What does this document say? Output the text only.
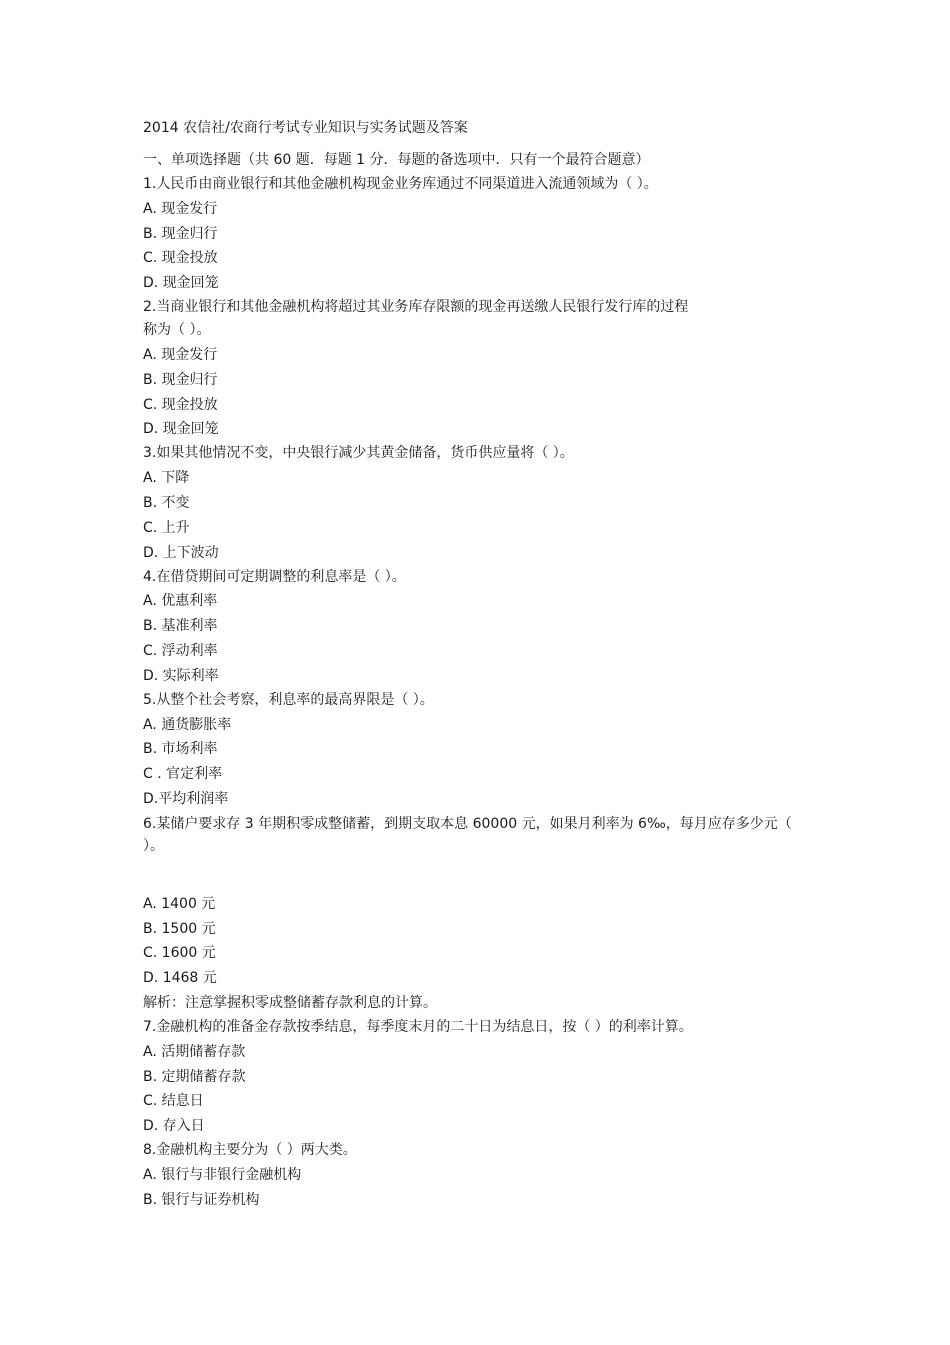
2014 农信社/农商行考试专业知识与实务试题及答案

一、单项选择题（共 60 题．每题 1 分．每题的备选项中．只有一个最符合题意）

1.人民币由商业银行和其他金融机构现金业务库通过不同渠道进入流通领域为（ ）。

A. 现金发行

B. 现金归行

C. 现金投放

D. 现金回笼

2.当商业银行和其他金融机构将超过其业务库存限额的现金再送缴人民银行发行库的过程

称为（ ）。

A. 现金发行

B. 现金归行

C. 现金投放

D. 现金回笼

3.如果其他情况不变，中央银行减少其黄金储备，货币供应量将（ ）。

A. 下降

B. 不变

C. 上升

D. 上下波动

4.在借贷期间可定期调整的利息率是（ ）。

A. 优惠利率

B. 基准利率

C. 浮动利率

D. 实际利率

5.从整个社会考察，利息率的最高界限是（ ）。

A. 通货膨胀率

B. 市场利率

C . 官定利率

D.平均利润率

6.某储户要求存 3 年期积零成整储蓄，到期支取本息 60000 元，如果月利率为 6‰，每月应存多少元（ ）。

A. 1400 元

B. 1500 元

C. 1600 元

D. 1468 元

解析：注意掌握积零成整储蓄存款利息的计算。

7.金融机构的准备金存款按季结息，每季度末月的二十日为结息日，按（ ）的利率计算。

A. 活期储蓄存款

B. 定期储蓄存款

C. 结息日

D. 存入日

8.金融机构主要分为（ ）两大类。

A. 银行与非银行金融机构

B. 银行与证券机构
